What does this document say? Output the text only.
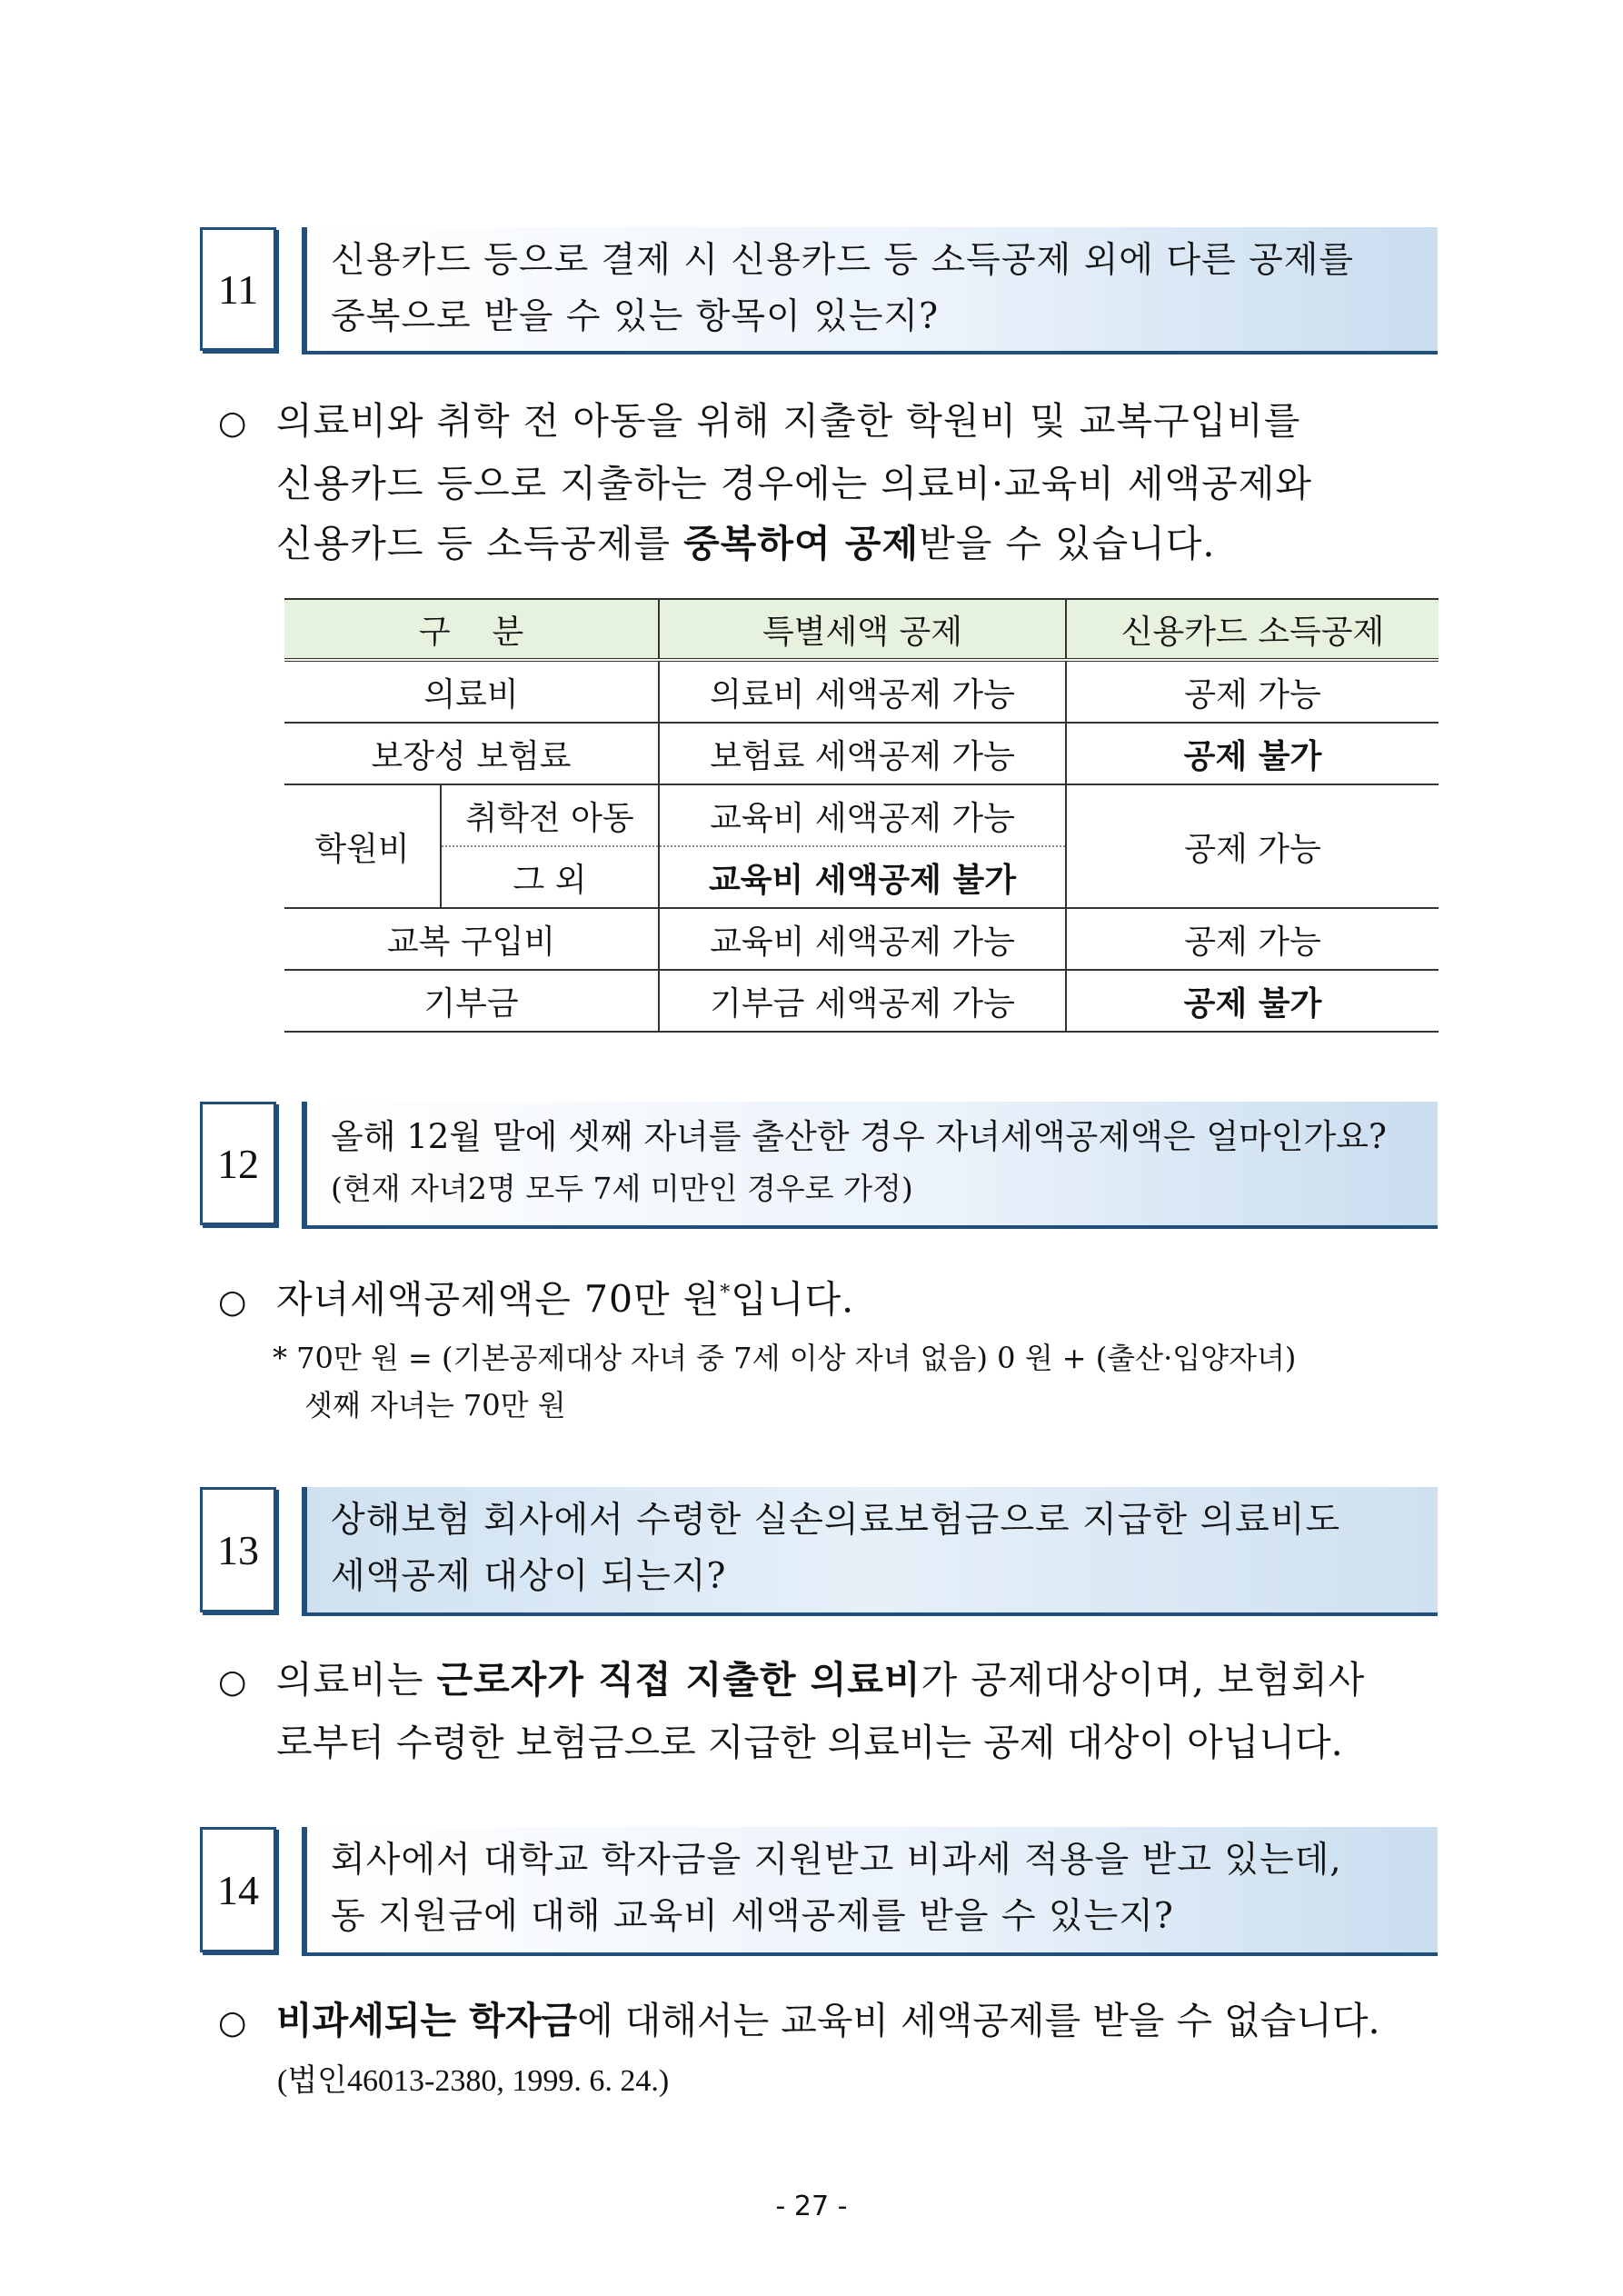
11
신용카드 등으로 결제 시 신용카드 등 소득공제 외에 다른 공제를
중복으로 받을 수 있는 항목이 있는지?
○ 의료비와 취학 전 아동을 위해 지출한 학원비 및 교복구입비를
신용카드 등으로 지출하는 경우에는 의료비·교육비 세액공제와
신용카드 등 소득공제를 중복하여 공제받을 수 있습니다.
구    분		특별세액 공제	신용카드 소득공제
의료비		의료비 세액공제 가능	공제 가능
보장성 보험료		보험료 세액공제 가능	공제 불가
학원비	취학전 아동	교육비 세액공제 가능	공제 가능
	그 외	교육비 세액공제 불가	
교복 구입비		교육비 세액공제 가능	공제 가능
기부금		기부금 세액공제 가능	공제 불가
12
올해 12월 말에 셋째 자녀를 출산한 경우 자녀세액공제액은 얼마인가요?
(현재 자녀2명 모두 7세 미만인 경우로 가정)
○ 자녀세액공제액은 70만 원*입니다.
* 70만 원 = (기본공제대상 자녀 중 7세 이상 자녀 없음) 0 원 + (출산·입양자녀)
셋째 자녀는 70만 원
13
상해보험 회사에서 수령한 실손의료보험금으로 지급한 의료비도
세액공제 대상이 되는지?
○ 의료비는 근로자가 직접 지출한 의료비가 공제대상이며, 보험회사
로부터 수령한 보험금으로 지급한 의료비는 공제 대상이 아닙니다.
14
회사에서 대학교 학자금을 지원받고 비과세 적용을 받고 있는데,
동 지원금에 대해 교육비 세액공제를 받을 수 있는지?
○ 비과세되는 학자금에 대해서는 교육비 세액공제를 받을 수 없습니다.
(법인46013-2380, 1999. 6. 24.)
- 27 -
